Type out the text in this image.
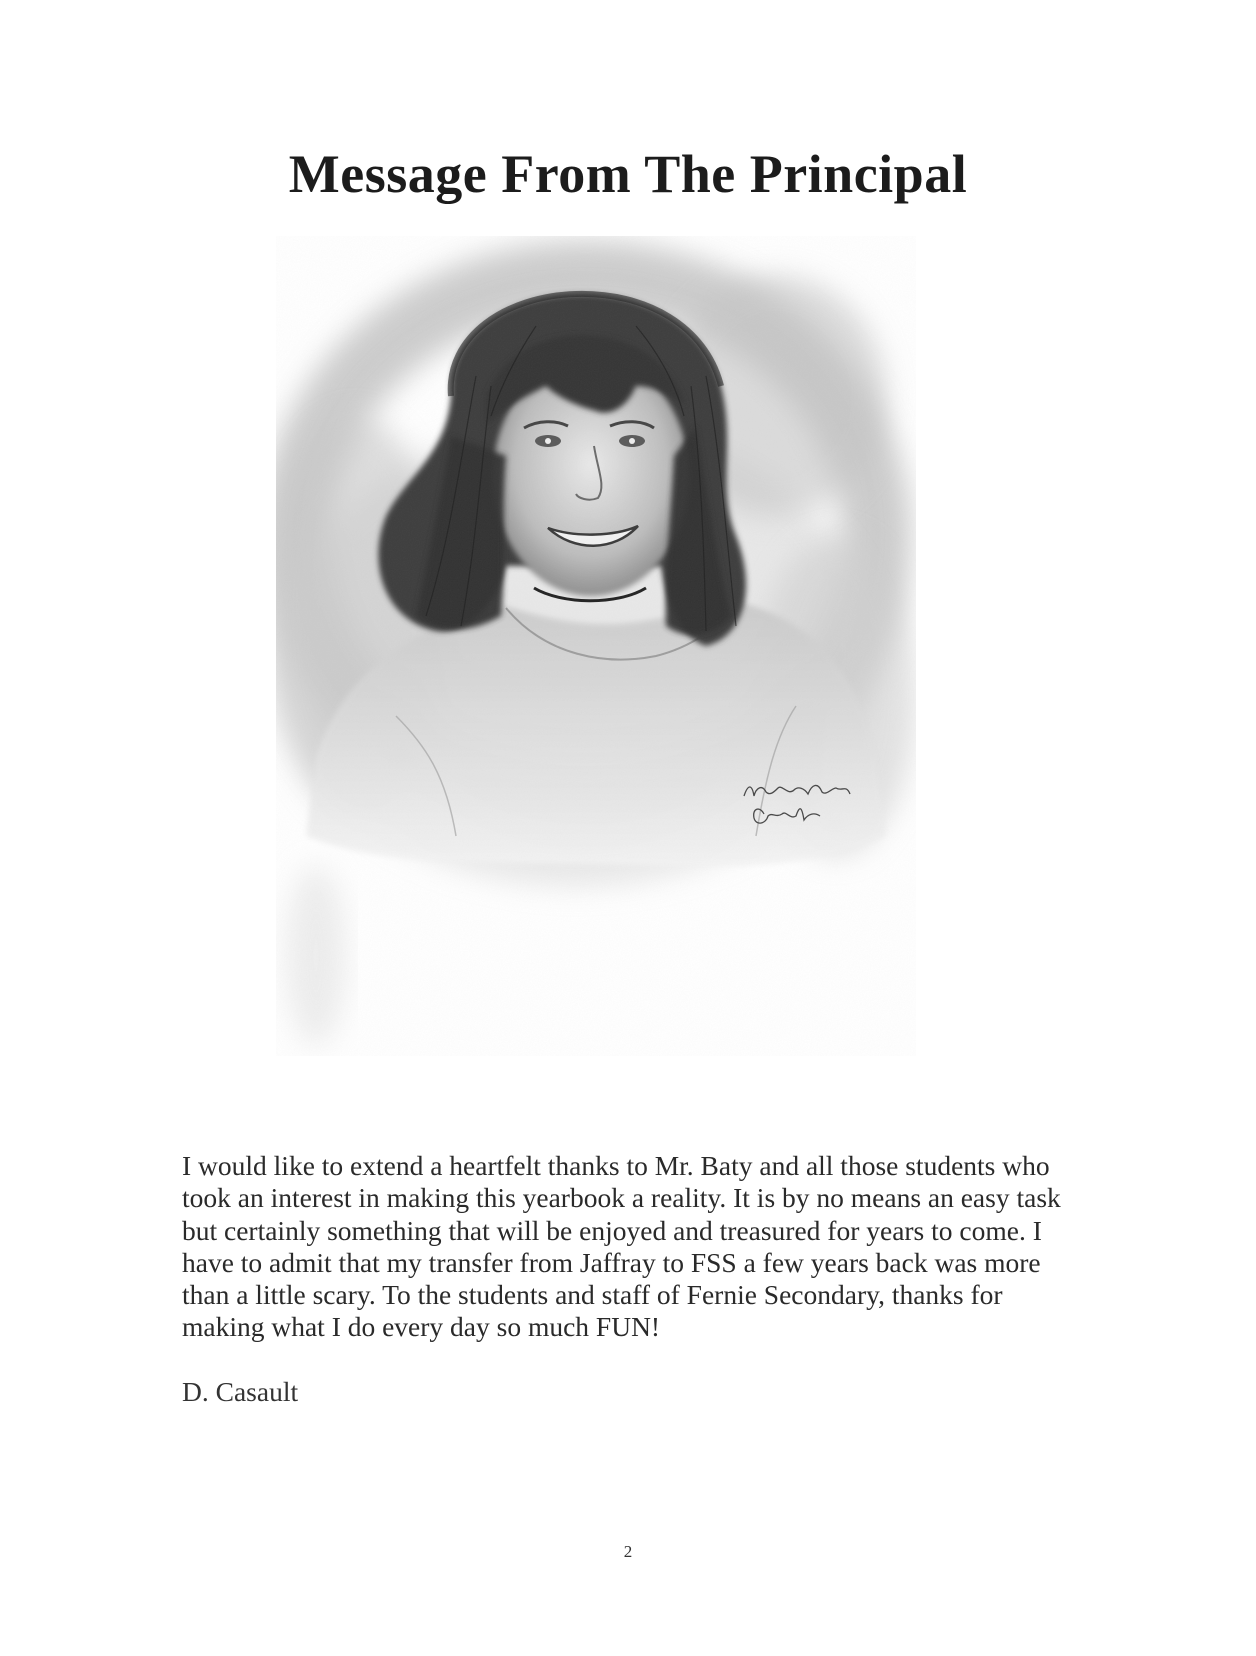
Message From The Principal

I would like to extend a heartfelt thanks to Mr. Baty and all those students who took an interest in making this yearbook a reality. It is by no means an easy task but certainly something that will be enjoyed and treasured for years to come. I have to admit that my transfer from Jaffray to FSS a few years back was more than a little scary. To the students and staff of Fernie Secondary, thanks for making what I do every day so much FUN!

D. Casault

2
